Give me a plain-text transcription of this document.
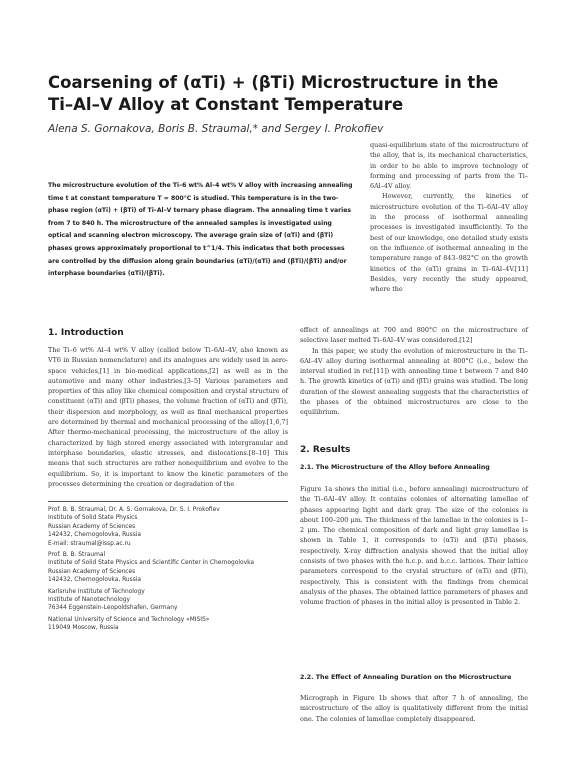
Coarsening of (αTi) + (βTi) Microstructure in the Ti–Al–V Alloy at Constant Temperature
Alena S. Gornakova, Boris B. Straumal,* and Sergey I. Prokofiev
The microstructure evolution of the Ti–6 wt% Al–4 wt% V alloy with increasing annealing time t at constant temperature T = 800°C is studied. This temperature is in the two-phase region (αTi) + (βTi) of Ti–Al–V ternary phase diagram. The annealing time t varies from 7 to 840 h. The microstructure of the annealed samples is investigated using optical and scanning electron microscopy. The average grain size of (αTi) and (βTi) phases grows approximately proportional to t^1/4. This indicates that both processes are controlled by the diffusion along grain boundaries (αTi)/(αTi) and (βTi)/(βTi) and/or interphase boundaries (αTi)/(βTi).

quasi-equilibrium state of the microstructure of the alloy, that is, its mechanical characteristics, in order to be able to improve technology of forming and processing of parts from the Ti–6Al–4V alloy.

However, currently, the kinetics of microstructure evolution of the Ti–6Al–4V alloy in the process of isothermal annealing processes is investigated insufficiently. To the best of our knowledge, one detailed study exists on the influence of isothermal annealing in the temperature range of 843–982°C on the growth kinetics of the (αTi) grains in Ti–6Al–4V.[11] Besides, very recently the study appeared, where the

1. Introduction

The Ti–6 wt% Al–4 wt% V alloy (called below Ti–6Al–4V, also known as VT6 in Russian nomenclature) and its analogues are widely used in aero-space vehicles,[1] in bio-medical applications,[2] as well as in the automotive and many other industries.[3–5] Various parameters and properties of this alloy like chemical composition and crystal structure of constituent (αTi) and (βTi) phases, the volume fraction of (αTi) and (βTi), their dispersion and morphology, as well as final mechanical properties are determined by thermal and mechanical processing of the alloy.[1,6,7] After thermo-mechanical processing, the microstructure of the alloy is characterized by high stored energy associated with intergranular and interphase boundaries, elastic stresses, and dislocations.[8–10] This means that such structures are rather nonequilibrium and evolve to the equilibrium. So, it is important to know the kinetic parameters of the processes determining the creation or degradation of the

Prof. B. B. Straumal, Dr. A. S. Gornakova, Dr. S. I. Prokofiev
Institute of Solid State Physics
Russian Academy of Sciences
142432, Chernogolovka, Russia
E-mail: straumal@issp.ac.ru
Prof. B. B. Straumal
Institute of Solid State Physics and Scientific Center in Chernogolovka
Russian Academy of Sciences
142432, Chernogolovka, Russia
Karlsruhe Institute of Technology
Institute of Nanotechnology
76344 Eggenstein-Leopoldshafen, Germany
National University of Science and Technology «MISIS»
119049 Moscow, Russia

effect of annealings at 700 and 800°C on the microstructure of selective laser melted Ti–6Al–4V was considered.[12]

In this paper, we study the evolution of microstructure in the Ti–6Al–4V alloy during isothermal annealing at 800°C (i.e., below the interval studied in ref.[11]) with annealing time t between 7 and 840 h. The growth kinetics of (αTi) and (βTi) grains was studied. The long duration of the slowest annealing suggests that the characteristics of the phases of the obtained microstructures are close to the equilibrium.

2. Results
2.1. The Microstructure of the Alloy before Annealing

Figure 1a shows the initial (i.e., before annealing) microstructure of the Ti–6Al–4V alloy. It contains colonies of alternating lamellae of phases appearing light and dark gray. The size of the colonies is about 100–200 μm. The thickness of the lamellae in the colonies is 1–2 μm. The chemical composition of dark and light gray lamellae is shown in Table 1, it corresponds to (αTi) and (βTi) phases, respectively. X-ray diffraction analysis showed that the initial alloy consists of two phases with the h.c.p. and b.c.c. lattices. Their lattice parameters correspond to the crystal structure of (αTi) and (βTi), respectively. This is consistent with the findings from chemical analysis of the phases. The obtained lattice parameters of phases and volume fraction of phases in the initial alloy is presented in Table 2.

2.2. The Effect of Annealing Duration on the Microstructure

Micrograph in Figure 1b shows that after 7 h of annealing, the microstructure of the alloy is qualitatively different from the initial one. The colonies of lamellae completely disappeared.
